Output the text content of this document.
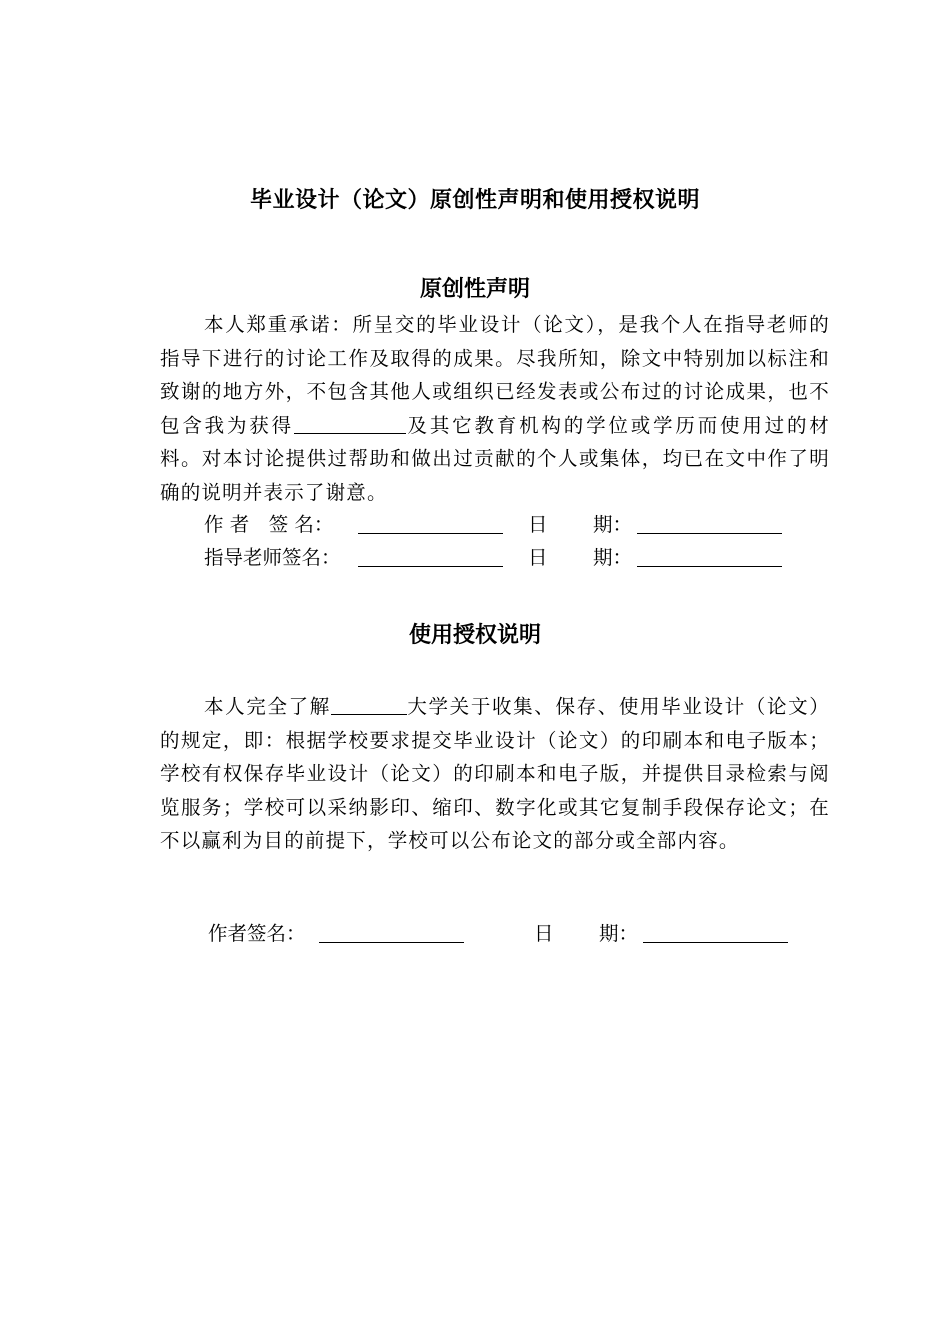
毕业设计（论文）原创性声明和使用授权说明
原创性声明

本人郑重承诺：所呈交的毕业设计（论文），是我个人在指导老师的指导下进行的讨论工作及取得的成果。尽我所知，除文中特别加以标注和致谢的地方外，不包含其他人或组织已经发表或公布过的讨论成果，也不包含我为获得	及其它教育机构的学位或学历而使用过的材料。对本讨论提供过帮助和做出过贡献的个人或集体，均已在文中作了明确的说明并表示了谢意。

作 者　签 名：	日 期：
指导老师签名：	日 期：
使用授权说明

本人完全了解	大学关于收集、保存、使用毕业设计（论文）的规定，即：根据学校要求提交毕业设计（论文）的印刷本和电子版本；学校有权保存毕业设计（论文）的印刷本和电子版，并提供目录检索与阅览服务；学校可以采纳影印、缩印、数字化或其它复制手段保存论文；在不以赢利为目的前提下，学校可以公布论文的部分或全部内容。

作者签名：	日 期：
